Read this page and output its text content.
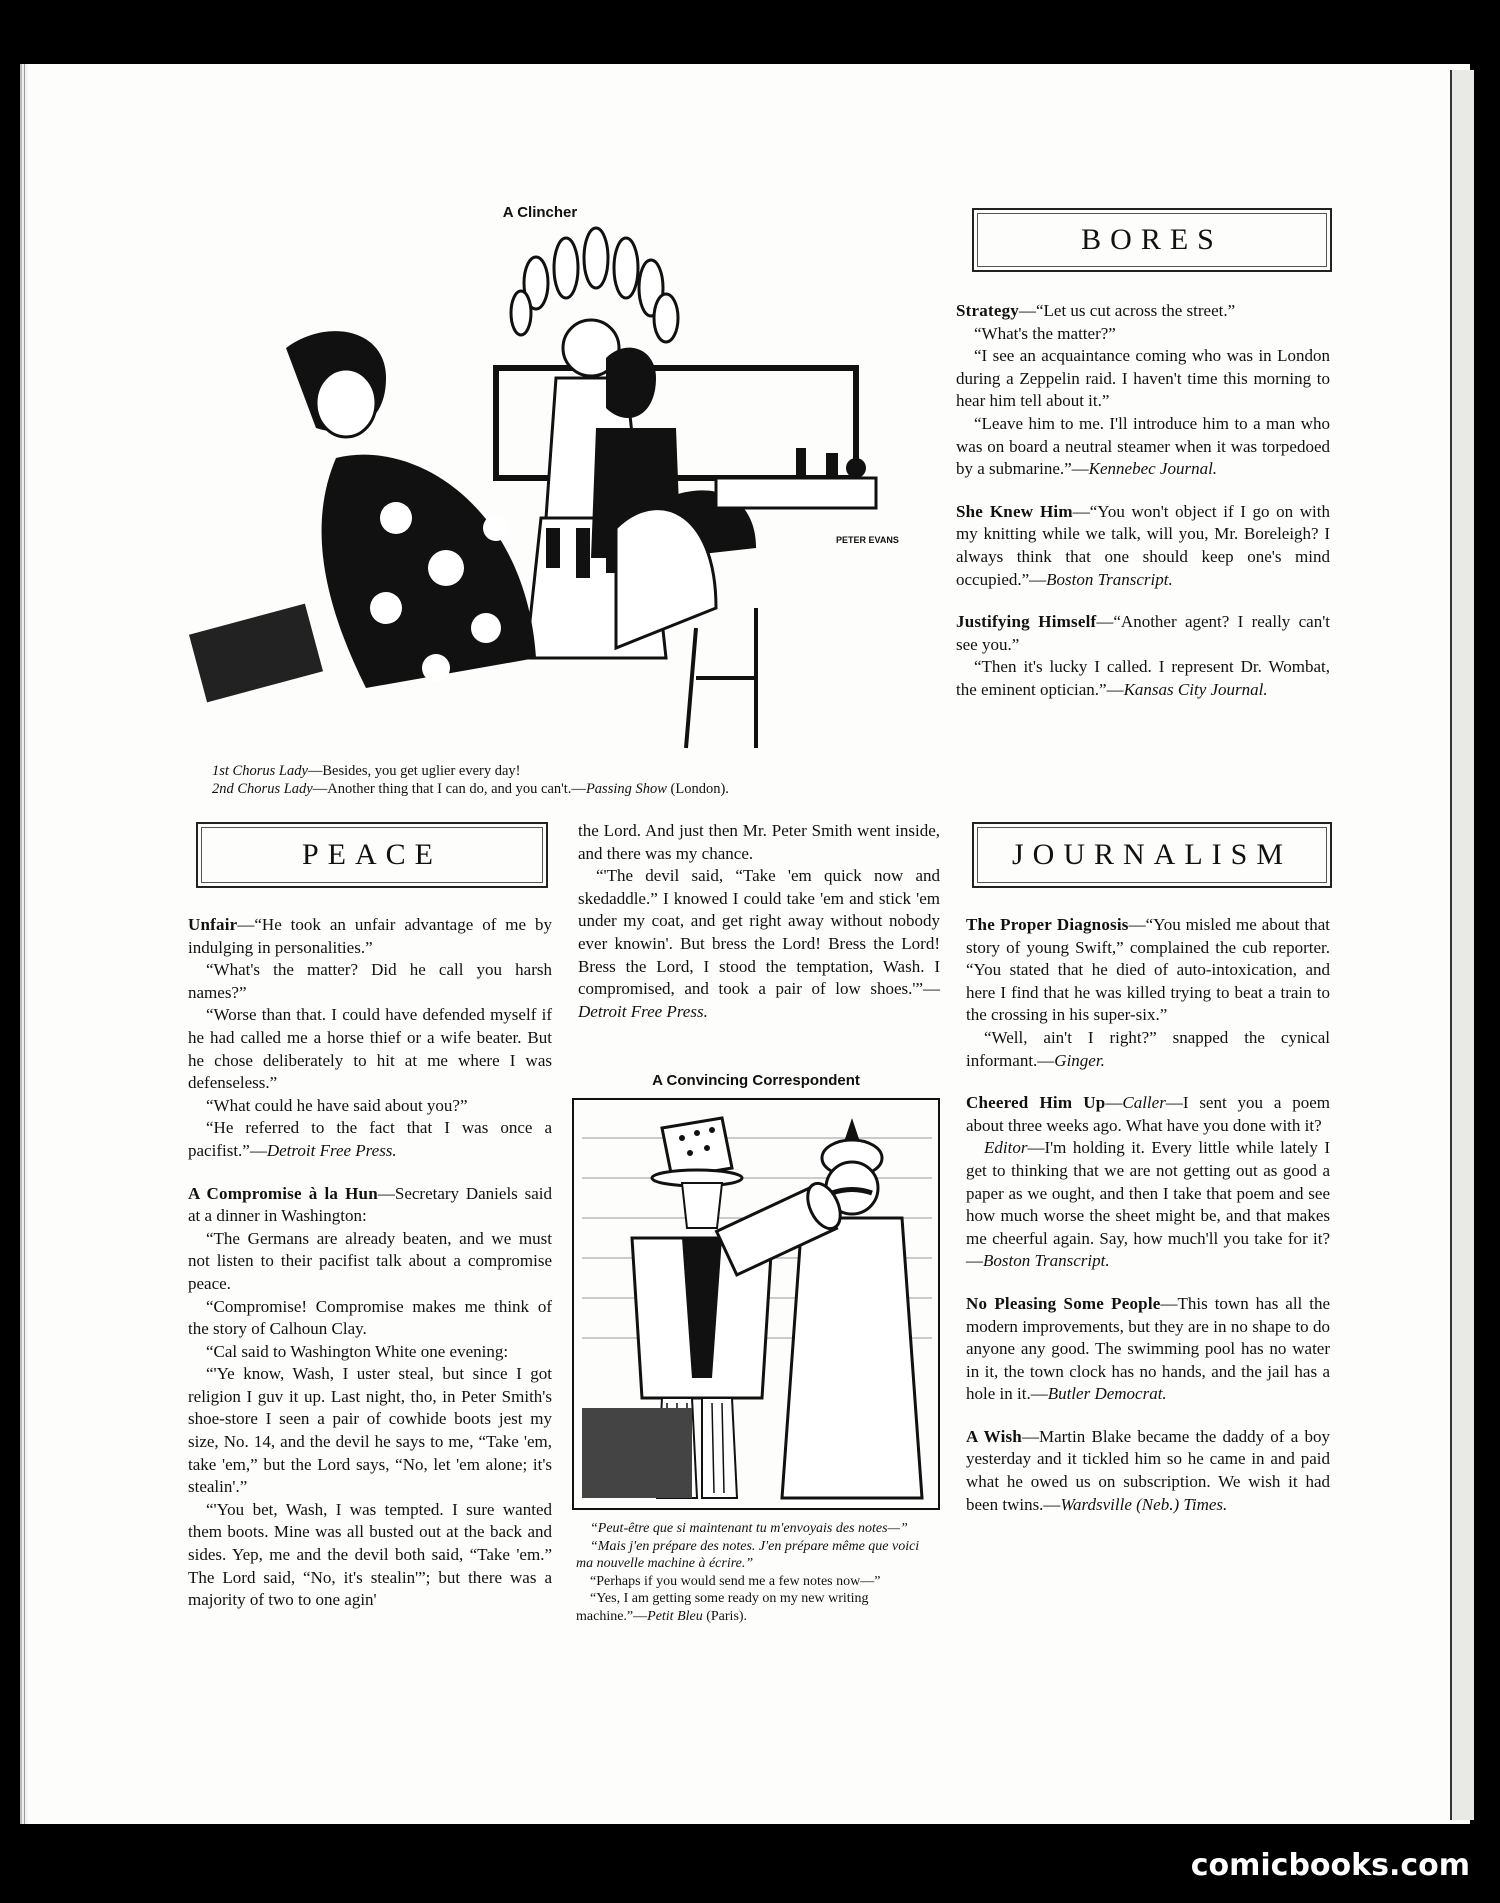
A Clincher
PETER EVANS
1st Chorus Lady—Besides, you get uglier every day!
2nd Chorus Lady—Another thing that I can do, and you can't.—Passing Show (London).
BORES

Strategy—“Let us cut across the street.”

“What's the matter?”

“I see an acquaintance coming who was in London during a Zeppelin raid. I haven't time this morning to hear him tell about it.”

“Leave him to me. I'll introduce him to a man who was on board a neutral steamer when it was torpedoed by a submarine.”—Kennebec Journal.

She Knew Him—“You won't object if I go on with my knitting while we talk, will you, Mr. Boreleigh? I always think that one should keep one's mind occupied.”—Boston Transcript.

Justifying Himself—“Another agent? I really can't see you.”

“Then it's lucky I called. I represent Dr. Wombat, the eminent optician.”—Kansas City Journal.

PEACE

Unfair—“He took an unfair advantage of me by indulging in personalities.”

“What's the matter? Did he call you harsh names?”

“Worse than that. I could have defended myself if he had called me a horse thief or a wife beater. But he chose deliberately to hit at me where I was defenseless.”

“What could he have said about you?”

“He referred to the fact that I was once a pacifist.”—Detroit Free Press.

A Compromise à la Hun—Secretary Daniels said at a dinner in Washington:

“The Germans are already beaten, and we must not listen to their pacifist talk about a compromise peace.

“Compromise! Compromise makes me think of the story of Calhoun Clay.

“Cal said to Washington White one evening:

“'Ye know, Wash, I uster steal, but since I got religion I guv it up. Last night, tho, in Peter Smith's shoe-store I seen a pair of cowhide boots jest my size, No. 14, and the devil he says to me, “Take 'em, take 'em,” but the Lord says, “No, let 'em alone; it's stealin'.”

“'You bet, Wash, I was tempted. I sure wanted them boots. Mine was all busted out at the back and sides. Yep, me and the devil both said, “Take 'em.” The Lord said, “No, it's stealin'”; but there was a majority of two to one agin'

the Lord. And just then Mr. Peter Smith went inside, and there was my chance.

“'The devil said, “Take 'em quick now and skedaddle.” I knowed I could take 'em and stick 'em under my coat, and get right away without nobody ever knowin'. But bress the Lord! Bress the Lord! Bress the Lord, I stood the temptation, Wash. I compromised, and took a pair of low shoes.'”—Detroit Free Press.

A Convincing Correspondent
“Peut-être que si maintenant tu m'envoyais des notes—”
“Mais j'en prépare des notes. J'en prépare même que voici ma nouvelle machine à écrire.”
“Perhaps if you would send me a few notes now—”
“Yes, I am getting some ready on my new writing machine.”—Petit Bleu (Paris).
JOURNALISM

The Proper Diagnosis—“You misled me about that story of young Swift,” complained the cub reporter. “You stated that he died of auto-intoxication, and here I find that he was killed trying to beat a train to the crossing in his super-six.”

“Well, ain't I right?” snapped the cynical informant.—Ginger.

Cheered Him Up—Caller—I sent you a poem about three weeks ago. What have you done with it?

Editor—I'm holding it. Every little while lately I get to thinking that we are not getting out as good a paper as we ought, and then I take that poem and see how much worse the sheet might be, and that makes me cheerful again. Say, how much'll you take for it?—Boston Transcript.

No Pleasing Some People—This town has all the modern improvements, but they are in no shape to do anyone any good. The swimming pool has no water in it, the town clock has no hands, and the jail has a hole in it.—Butler Democrat.

A Wish—Martin Blake became the daddy of a boy yesterday and it tickled him so he came in and paid what he owed us on subscription. We wish it had been twins.—Wardsville (Neb.) Times.

comicbooks.com
